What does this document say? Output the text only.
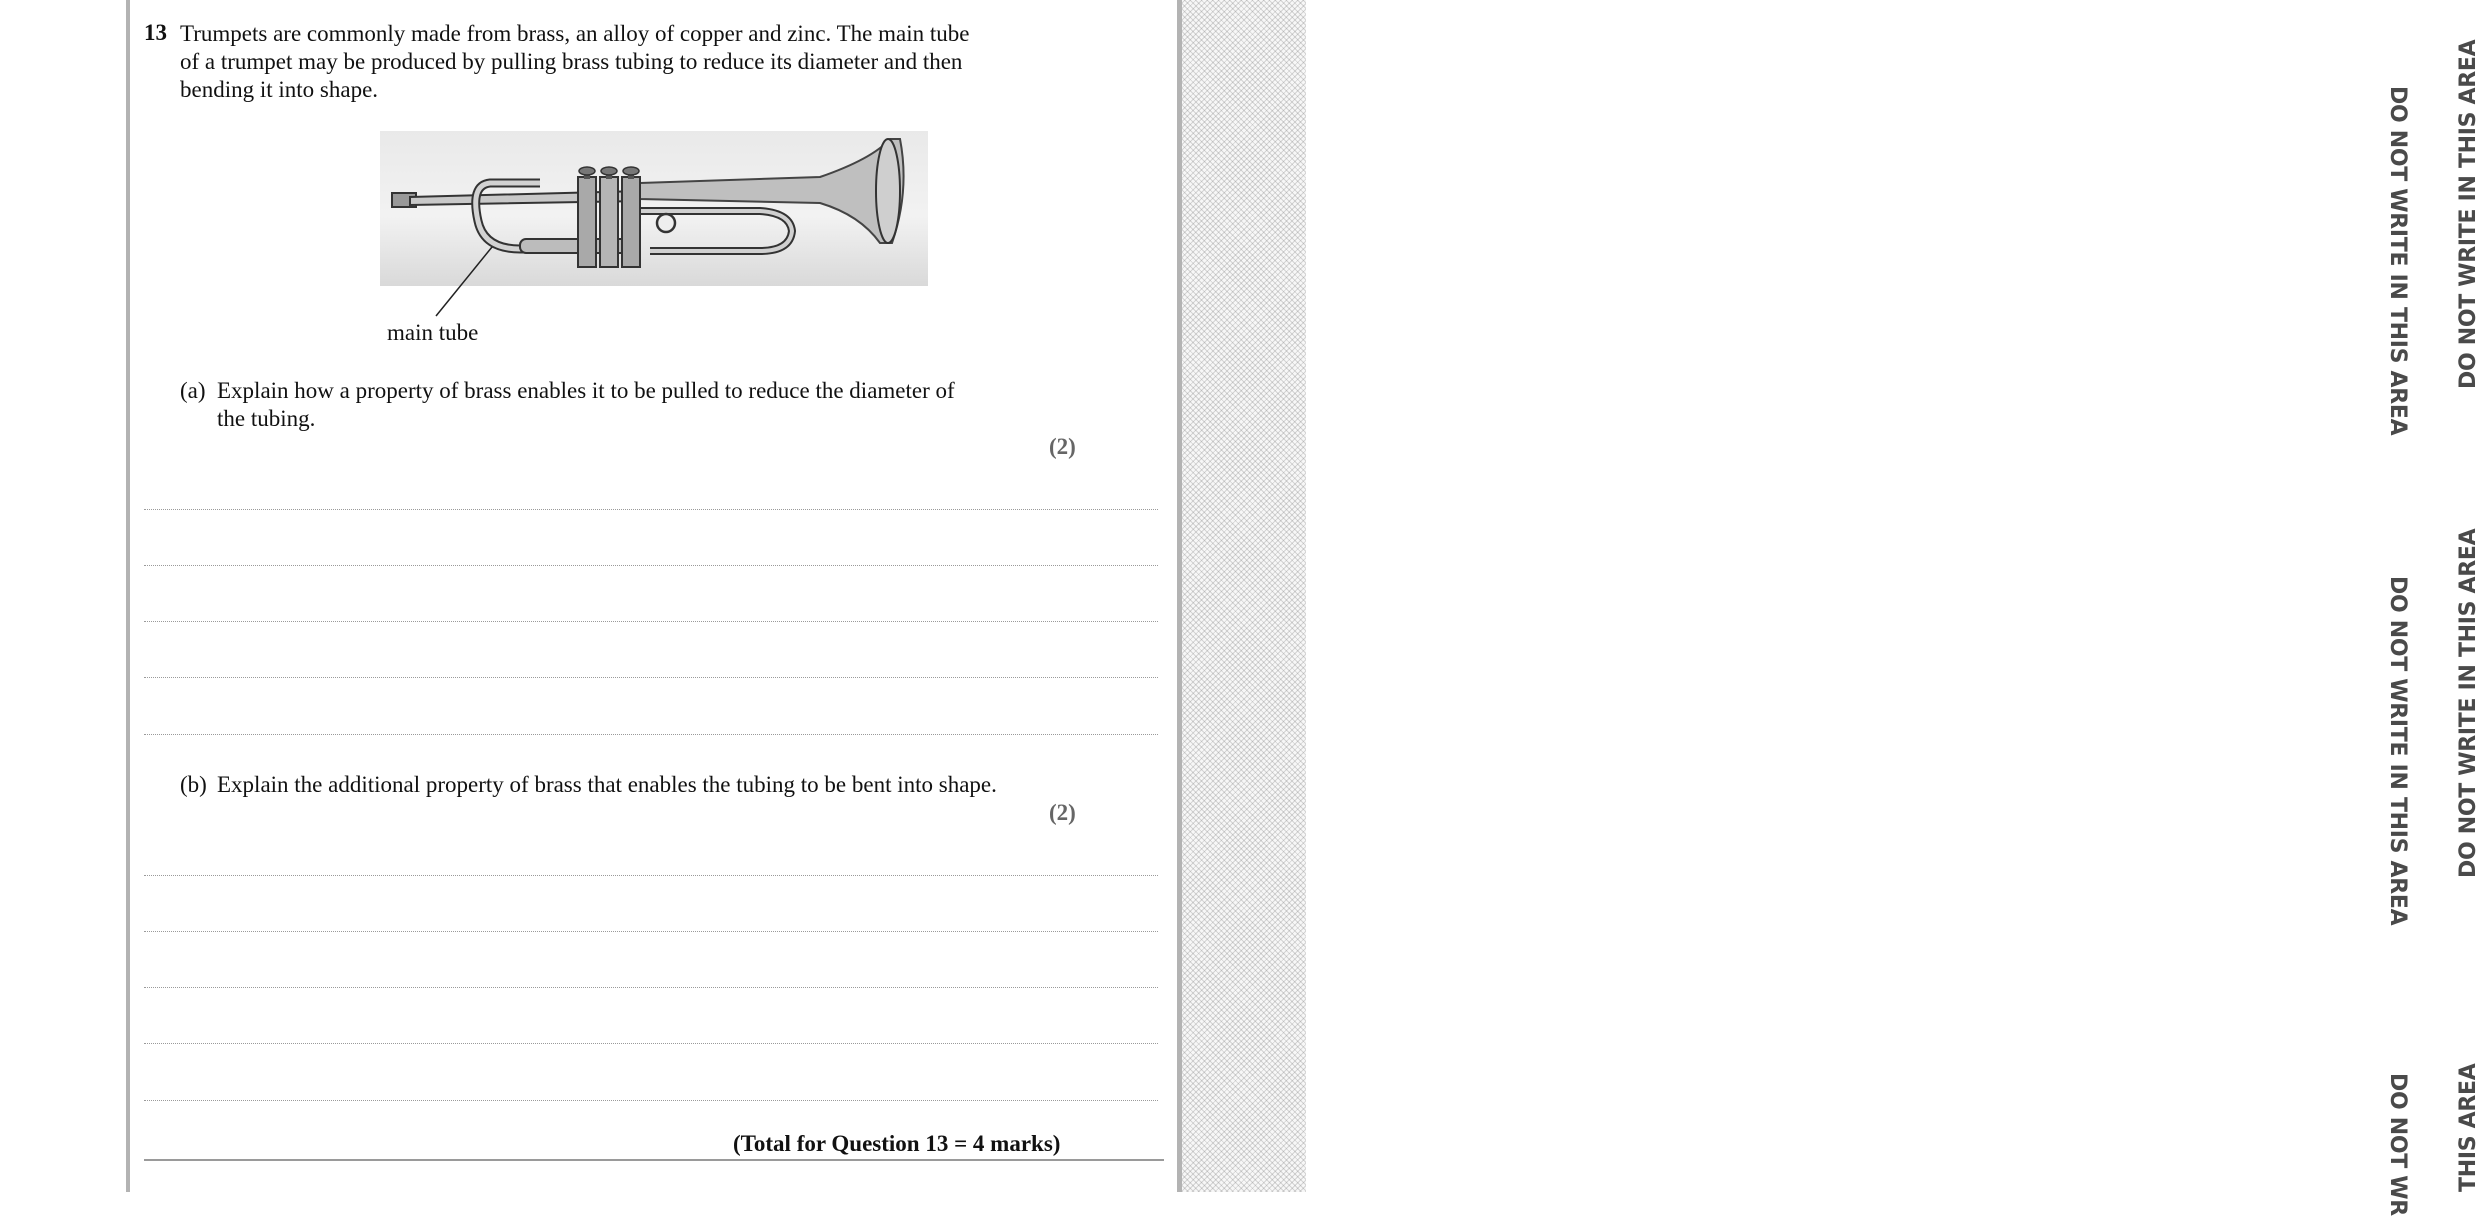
DO NOT WRITE IN THIS AREA DO NOT WRITE IN THIS AREA
DO NOT WRITE IN THIS AREA DO NOT WRITE IN THIS AREA
DO NOT WR THIS AREA
13 Trumpets are commonly made from brass, an alloy of copper and zinc. The main tube
of a trumpet may be produced by pulling brass tubing to reduce its diameter and then
bending it into shape.
main tube
(a) Explain how a property of brass enables it to be pulled to reduce the diameter of
the tubing.
(2)
(b) Explain the additional property of brass that enables the tubing to be bent into shape.
(2)
(Total for Question 13 = 4 marks)
